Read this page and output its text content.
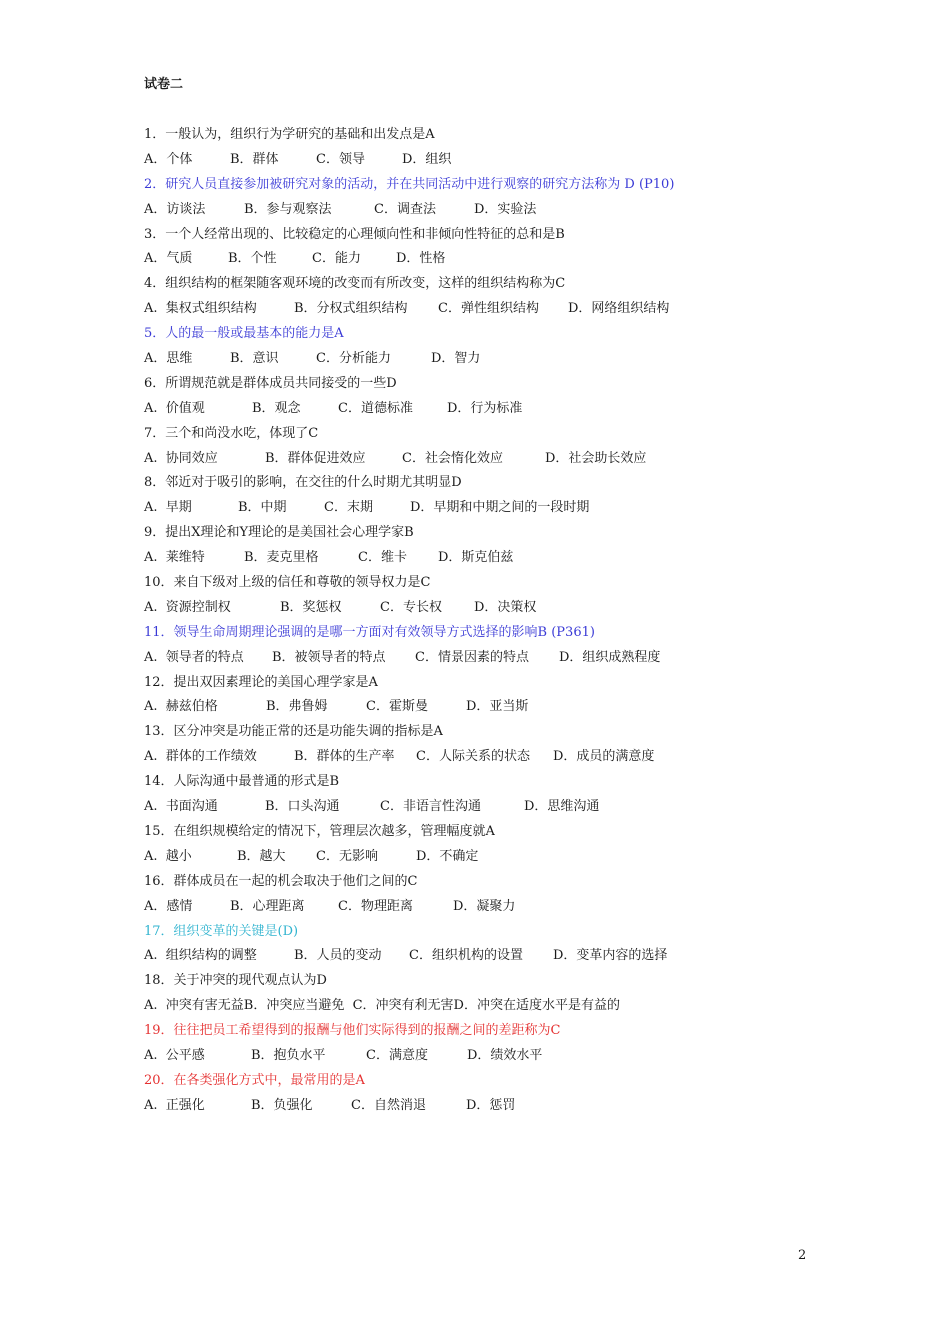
试卷二
1．一般认为，组织行为学研究的基础和出发点是A
A．个体	B．群体	C．领导	D．组织
2．研究人员直接参加被研究对象的活动，并在共同活动中进行观察的研究方法称为 D (P10)
A．访谈法	B．参与观察法	C．调查法	D．实验法
3．一个人经常出现的、比较稳定的心理倾向性和非倾向性特征的总和是B
A．气质	B．个性	C．能力	D．性格
4．组织结构的框架随客观环境的改变而有所改变，这样的组织结构称为C
A.  集权式组织结构	B．分权式组织结构 C．弹性组织结构 D．网络组织结构
5．人的最一般或最基本的能力是A
A．思维	B．意识	C．分析能力	D．智力
6．所谓规范就是群体成员共同接受的一些D
A.  价值观	B．观念	C．道德标准	D．行为标准
7．三个和尚没水吃，体现了C
A.  协同效应	B．群体促进效应	C．社会惰化效应	D．社会助长效应
8．邻近对于吸引的影响，在交往的什么时期尤其明显D
A.  早期	B．中期	C．末期	D．早期和中期之间的一段时期
9．提出X理论和Y理论的是美国社会心理学家B
A.  莱维特	B．麦克里格	C．维卡 D．斯克伯兹
10．来自下级对上级的信任和尊敬的领导权力是C
A.  资源控制权	B．奖惩权	C．专长权 D．决策权
11．领导生命周期理论强调的是哪一方面对有效领导方式选择的影响B (P361)
A.  领导者的特点 B．被领导者的特点 C．情景因素的特点 D．组织成熟程度
12．提出双因素理论的美国心理学家是A
A.  赫兹伯格	B．弗鲁姆	C．霍斯曼	D．亚当斯
13．区分冲突是功能正常的还是功能失调的指标是A
A.  群体的工作绩效	B．群体的生产率 C．人际关系的状态 D．成员的满意度
14．人际沟通中最普通的形式是B
A.  书面沟通	B．口头沟通	C．非语言性沟通	D．思维沟通
15．在组织规模给定的情况下，管理层次越多，管理幅度就A
A.  越小	B．越大 C．无影响	D．不确定
16．群体成员在一起的机会取决于他们之间的C
A．感情	B．心理距离	C．物理距离	D．凝聚力
17．组织变革的关键是(D)
A.  组织结构的调整	B．人员的变动 C．组织机构的设置 D．变革内容的选择
18．关于冲突的现代观点认为D
A.  冲突有害无益B．冲突应当避免  C．冲突有利无害D．冲突在适度水平是有益的
19．往往把员工希望得到的报酬与他们实际得到的报酬之间的差距称为C
A.  公平感	B．抱负水平	C．满意度	D．绩效水平
20．在各类强化方式中，最常用的是A
A.  正强化	B．负强化	C．自然消退	D．惩罚
2
